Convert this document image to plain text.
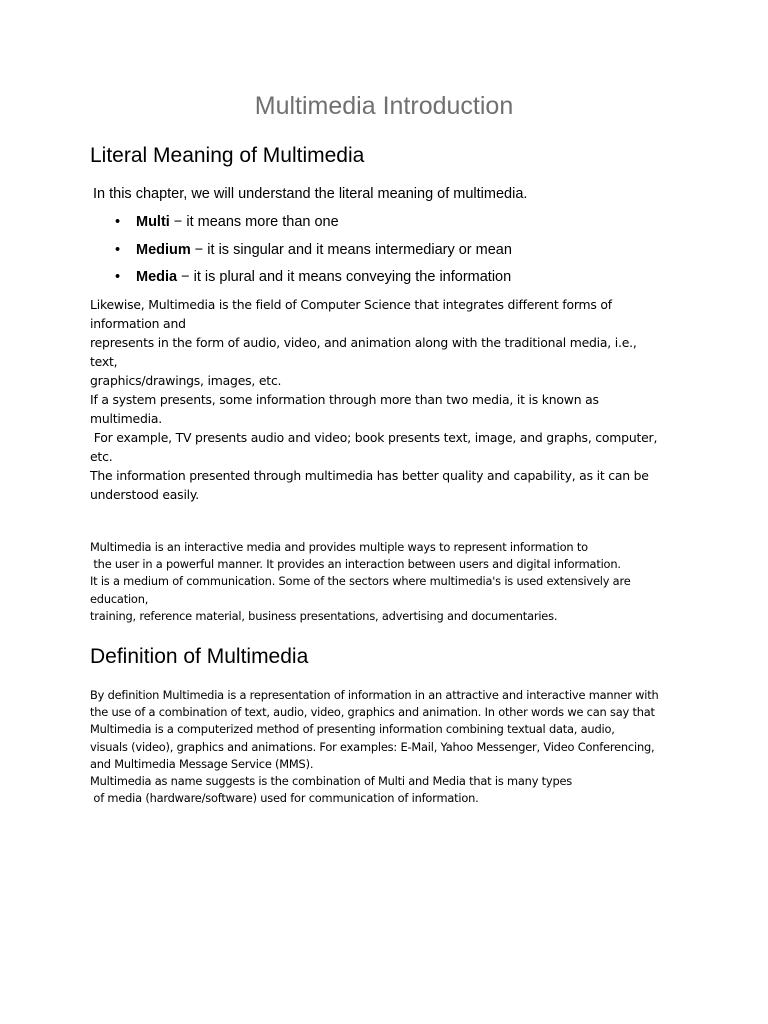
Multimedia Introduction
Literal Meaning of Multimedia

In this chapter, we will understand the literal meaning of multimedia.

• Multi − it means more than one
• Medium − it is singular and it means intermediary or mean
• Media − it is plural and it means conveying the information
Likewise, Multimedia is the field of Computer Science that integrates different forms of
information and
represents in the form of audio, video, and animation along with the traditional media, i.e.,
text,
graphics/drawings, images, etc.
If a system presents, some information through more than two media, it is known as
multimedia.
For example, TV presents audio and video; book presents text, image, and graphs, computer,
etc.
The information presented through multimedia has better quality and capability, as it can be
understood easily.
Multimedia is an interactive media and provides multiple ways to represent information to
the user in a powerful manner. It provides an interaction between users and digital information.
It is a medium of communication. Some of the sectors where multimedia's is used extensively are
education,
training, reference material, business presentations, advertising and documentaries.
Definition of Multimedia
By definition Multimedia is a representation of information in an attractive and interactive manner with
the use of a combination of text, audio, video, graphics and animation. In other words we can say that
Multimedia is a computerized method of presenting information combining textual data, audio,
visuals (video), graphics and animations. For examples: E-Mail, Yahoo Messenger, Video Conferencing,
and Multimedia Message Service (MMS).
Multimedia as name suggests is the combination of Multi and Media that is many types
of media (hardware/software) used for communication of information.
